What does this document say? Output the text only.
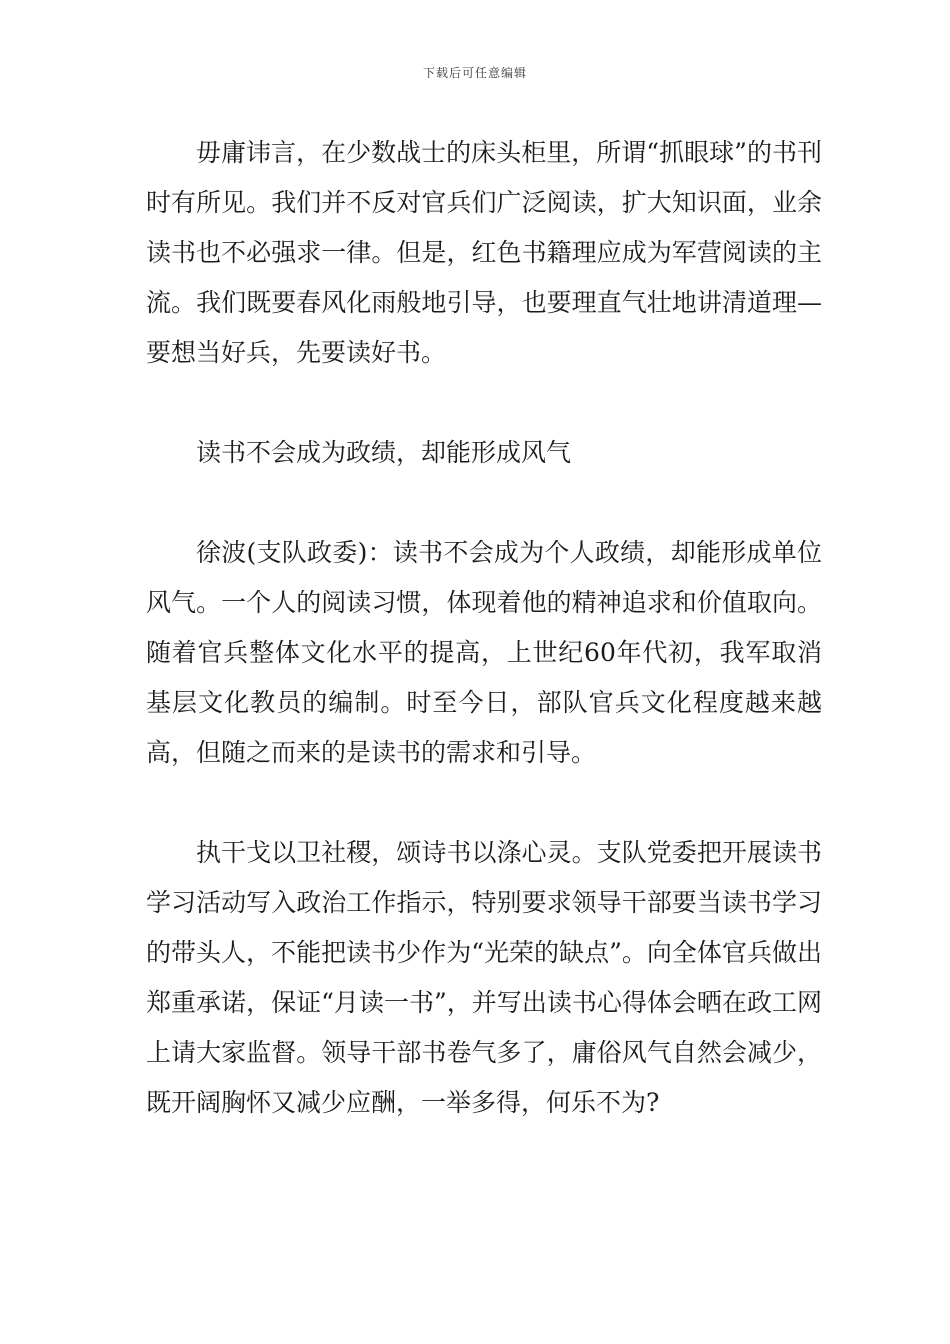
下载后可任意编辑

毋庸讳言，在少数战士的床头柜里，所谓“抓眼球”的书刊时有所见。我们并不反对官兵们广泛阅读，扩大知识面，业余读书也不必强求一律。但是，红色书籍理应成为军营阅读的主流。我们既要春风化雨般地引导，也要理直气壮地讲清道理—要想当好兵，先要读好书。

读书不会成为政绩，却能形成风气

徐波(支队政委)：读书不会成为个人政绩，却能形成单位风气。一个人的阅读习惯，体现着他的精神追求和价值取向。随着官兵整体文化水平的提高，上世纪60年代初，我军取消基层文化教员的编制。时至今日，部队官兵文化程度越来越高，但随之而来的是读书的需求和引导。

执干戈以卫社稷，颂诗书以涤心灵。支队党委把开展读书学习活动写入政治工作指示，特别要求领导干部要当读书学习的带头人，不能把读书少作为“光荣的缺点”。向全体官兵做出郑重承诺，保证“月读一书”，并写出读书心得体会晒在政工网上请大家监督。领导干部书卷气多了，庸俗风气自然会减少，既开阔胸怀又减少应酬，一举多得，何乐不为?
